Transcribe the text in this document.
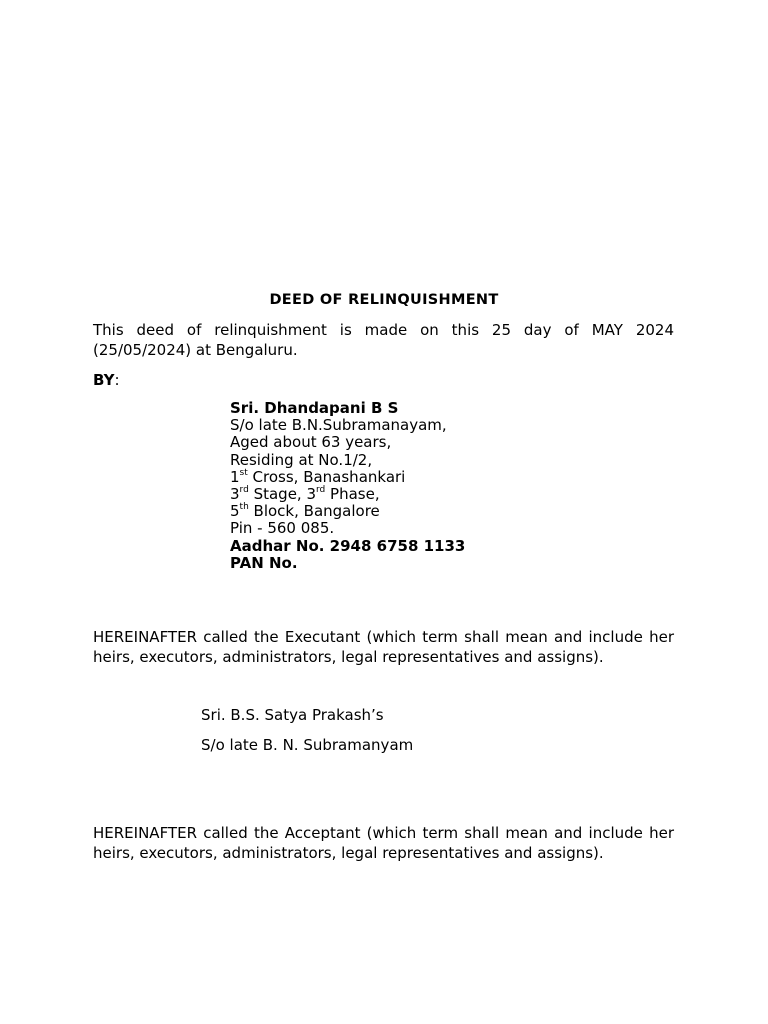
DEED OF RELINQUISHMENT
This deed of relinquishment is made on this 25 day of MAY 2024 (25/05/2024) at Bengaluru.
BY:
Sri. Dhandapani B S
S/o late B.N.Subramanayam,
Aged about 63 years,
Residing at No.1/2,
1st Cross, Banashankari
3rd Stage, 3rd Phase,
5th Block, Bangalore
Pin - 560 085.
Aadhar No. 2948 6758 1133
PAN No.
HEREINAFTER called the Executant (which term shall mean and include her heirs, executors, administrators, legal representatives and assigns).
Sri. B.S. Satya Prakash’s
S/o late B. N. Subramanyam
HEREINAFTER called the Acceptant (which term shall mean and include her heirs, executors, administrators, legal representatives and assigns).
